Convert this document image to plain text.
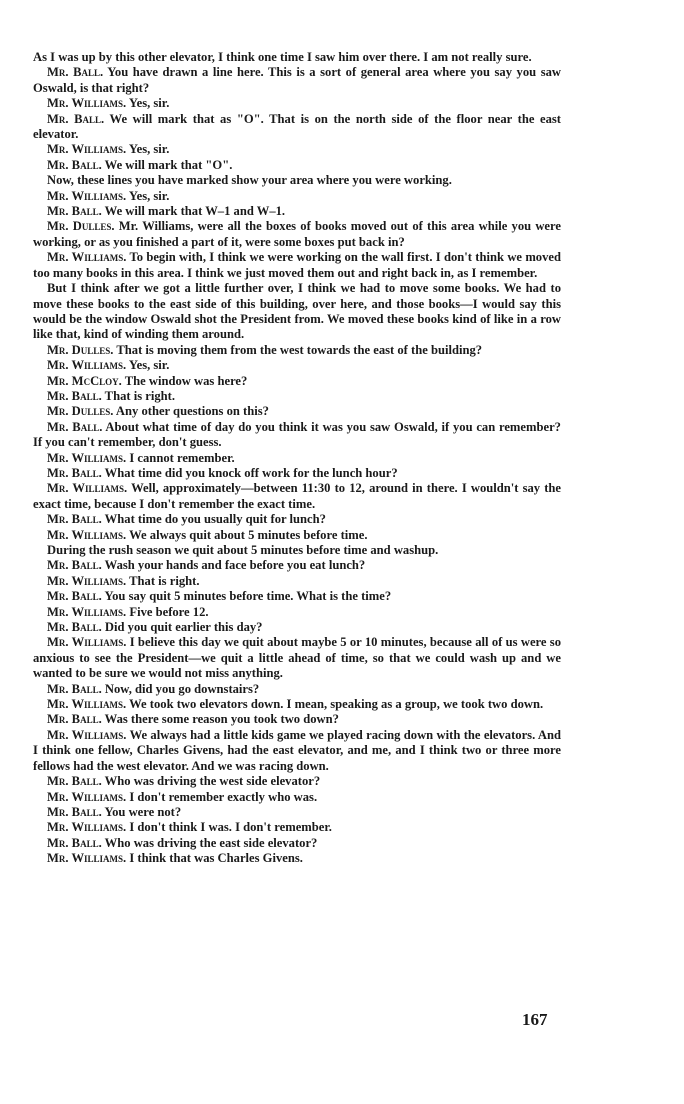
As I was up by this other elevator, I think one time I saw him over there. I am not really sure.

Mr. Ball. You have drawn a line here. This is a sort of general area where you say you saw Oswald, is that right?

Mr. Williams. Yes, sir.

Mr. Ball. We will mark that as "O". That is on the north side of the floor near the east elevator.

Mr. Williams. Yes, sir.

Mr. Ball. We will mark that "O".

Now, these lines you have marked show your area where you were working.

Mr. Williams. Yes, sir.

Mr. Ball. We will mark that W–1 and W–1.

Mr. Dulles. Mr. Williams, were all the boxes of books moved out of this area while you were working, or as you finished a part of it, were some boxes put back in?

Mr. Williams. To begin with, I think we were working on the wall first. I don't think we moved too many books in this area. I think we just moved them out and right back in, as I remember.

But I think after we got a little further over, I think we had to move some books. We had to move these books to the east side of this building, over here, and those books—I would say this would be the window Oswald shot the President from. We moved these books kind of like in a row like that, kind of winding them around.

Mr. Dulles. That is moving them from the west towards the east of the building?

Mr. Williams. Yes, sir.

Mr. McCloy. The window was here?

Mr. Ball. That is right.

Mr. Dulles. Any other questions on this?

Mr. Ball. About what time of day do you think it was you saw Oswald, if you can remember? If you can't remember, don't guess.

Mr. Williams. I cannot remember.

Mr. Ball. What time did you knock off work for the lunch hour?

Mr. Williams. Well, approximately—between 11:30 to 12, around in there. I wouldn't say the exact time, because I don't remember the exact time.

Mr. Ball. What time do you usually quit for lunch?

Mr. Williams. We always quit about 5 minutes before time.

During the rush season we quit about 5 minutes before time and washup.

Mr. Ball. Wash your hands and face before you eat lunch?

Mr. Williams. That is right.

Mr. Ball. You say quit 5 minutes before time. What is the time?

Mr. Williams. Five before 12.

Mr. Ball. Did you quit earlier this day?

Mr. Williams. I believe this day we quit about maybe 5 or 10 minutes, because all of us were so anxious to see the President—we quit a little ahead of time, so that we could wash up and we wanted to be sure we would not miss anything.

Mr. Ball. Now, did you go downstairs?

Mr. Williams. We took two elevators down. I mean, speaking as a group, we took two down.

Mr. Ball. Was there some reason you took two down?

Mr. Williams. We always had a little kids game we played racing down with the elevators. And I think one fellow, Charles Givens, had the east elevator, and me, and I think two or three more fellows had the west elevator. And we was racing down.

Mr. Ball. Who was driving the west side elevator?

Mr. Williams. I don't remember exactly who was.

Mr. Ball. You were not?

Mr. Williams. I don't think I was. I don't remember.

Mr. Ball. Who was driving the east side elevator?

Mr. Williams. I think that was Charles Givens.

167
